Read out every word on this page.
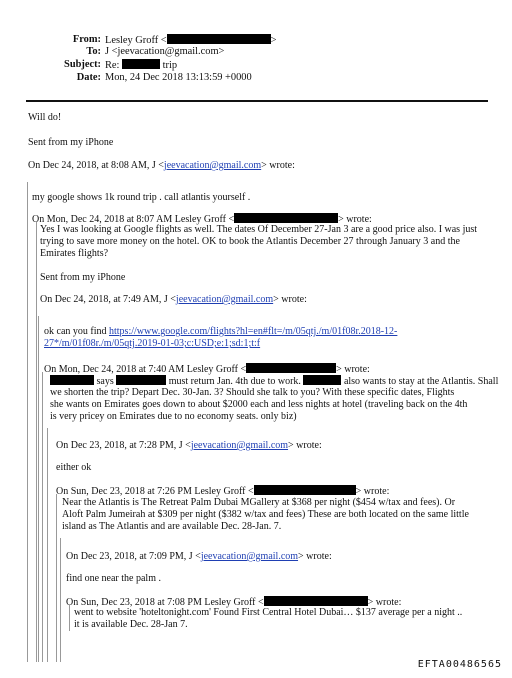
From: Lesley Groff <	>
To: J <jeevacation@gmail.com>
Subject: Re:	trip
Date: Mon, 24 Dec 2018 13:13:59 +0000
Will do!
Sent from my iPhone
On Dec 24, 2018, at 8:08 AM, J <jeevacation@gmail.com> wrote:
my google shows 1k round trip . call atlantis yourself .
On Mon, Dec 24, 2018 at 8:07 AM Lesley Groff <	> wrote:
Yes I was looking at Google flights as well. The dates Of December 27-Jan 3 are a good price also. I was just
trying to save more money on the hotel. OK to book the Atlantis December 27 through January 3 and the
Emirates flights?
Sent from my iPhone
On Dec 24, 2018, at 7:49 AM, J <jeevacation@gmail.com> wrote:
ok can you find https://www.google.com/flights?hl=en#flt=/m/05qtj./m/01f08r.2018-12-
27*/m/01f08r./m/05qtj.2019-01-03;c:USD;e:1;sd:1;t:f
On Mon, Dec 24, 2018 at 7:40 AM Lesley Groff <	> wrote:
says	must return Jan. 4th due to work.	also wants to stay at the Atlantis. Shall
we shorten the trip? Depart Dec. 30-Jan. 3? Should she talk to you? With these specific dates, Flights
she wants on Emirates goes down to about $2000 each and less nights at hotel (traveling back on the 4th
is very pricey on Emirates due to no economy seats. only biz)
On Dec 23, 2018, at 7:28 PM, J <jeevacation@gmail.com> wrote:
either ok
On Sun, Dec 23, 2018 at 7:26 PM Lesley Groff <	> wrote:
Near the Atlantis is The Retreat Palm Dubai MGallery at $368 per night ($454 w/tax and fees). Or
Aloft Palm Jumeirah at $309 per night ($382 w/tax and fees) These are both located on the same little
island as The Atlantis and are available Dec. 28-Jan. 7.
On Dec 23, 2018, at 7:09 PM, J <jeevacation@gmail.com> wrote:
find one near the palm .
On Sun, Dec 23, 2018 at 7:08 PM Lesley Groff <	> wrote:
went to website 'hoteltonight.com' Found First Central Hotel Dubai… $137 average per a night ..
it is available Dec. 28-Jan 7.
EFTA00486565
